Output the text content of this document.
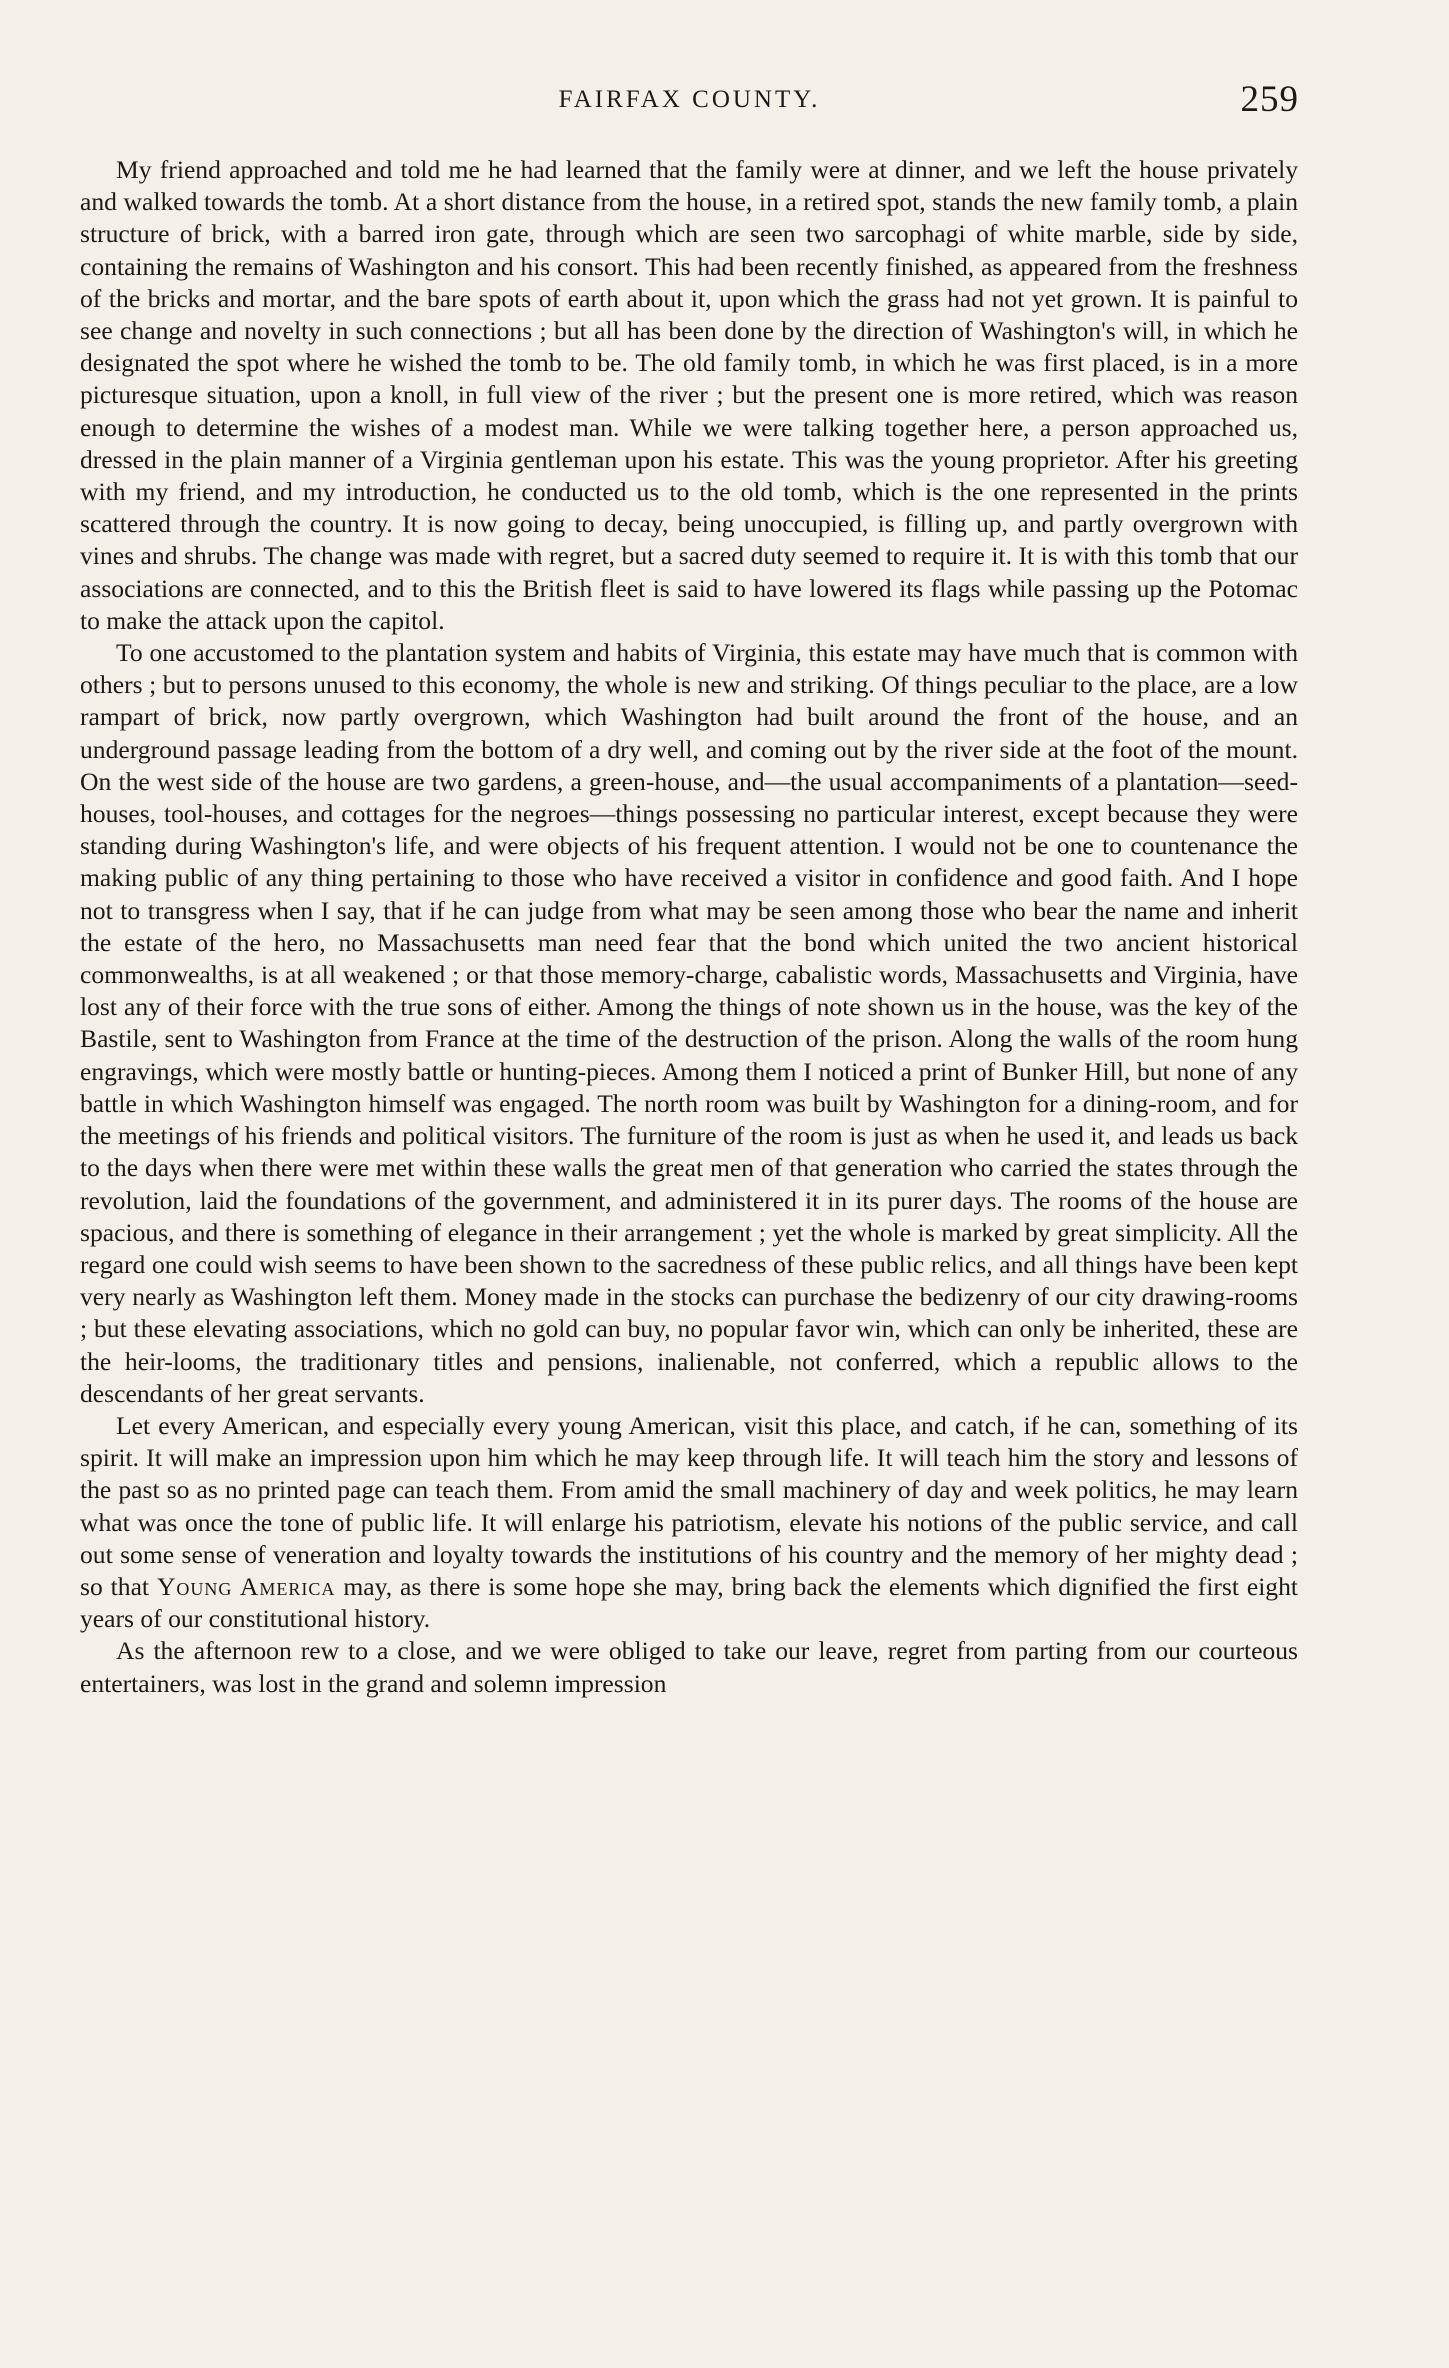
FAIRFAX COUNTY.	259

My friend approached and told me he had learned that the family were at dinner, and we left the house privately and walked towards the tomb. At a short distance from the house, in a retired spot, stands the new family tomb, a plain structure of brick, with a barred iron gate, through which are seen two sarcophagi of white marble, side by side, containing the remains of Washington and his consort. This had been recently finished, as appeared from the freshness of the bricks and mortar, and the bare spots of earth about it, upon which the grass had not yet grown. It is painful to see change and novelty in such connections ; but all has been done by the direction of Washington's will, in which he designated the spot where he wished the tomb to be. The old family tomb, in which he was first placed, is in a more picturesque situation, upon a knoll, in full view of the river ; but the present one is more retired, which was reason enough to determine the wishes of a modest man. While we were talking together here, a person approached us, dressed in the plain manner of a Virginia gentleman upon his estate. This was the young proprietor. After his greeting with my friend, and my introduction, he conducted us to the old tomb, which is the one represented in the prints scattered through the country. It is now going to decay, being unoccupied, is filling up, and partly overgrown with vines and shrubs. The change was made with regret, but a sacred duty seemed to require it. It is with this tomb that our associations are connected, and to this the British fleet is said to have lowered its flags while passing up the Potomac to make the attack upon the capitol.

To one accustomed to the plantation system and habits of Virginia, this estate may have much that is common with others ; but to persons unused to this economy, the whole is new and striking. Of things peculiar to the place, are a low rampart of brick, now partly overgrown, which Washington had built around the front of the house, and an underground passage leading from the bottom of a dry well, and coming out by the river side at the foot of the mount. On the west side of the house are two gardens, a green-house, and—the usual accompaniments of a plantation—seed-houses, tool-houses, and cottages for the negroes—things possessing no particular interest, except because they were standing during Washington's life, and were objects of his frequent attention. I would not be one to countenance the making public of any thing pertaining to those who have received a visitor in confidence and good faith. And I hope not to transgress when I say, that if he can judge from what may be seen among those who bear the name and inherit the estate of the hero, no Massachusetts man need fear that the bond which united the two ancient historical commonwealths, is at all weakened ; or that those memory-charge, cabalistic words, Massachusetts and Virginia, have lost any of their force with the true sons of either. Among the things of note shown us in the house, was the key of the Bastile, sent to Washington from France at the time of the destruction of the prison. Along the walls of the room hung engravings, which were mostly battle or hunting-pieces. Among them I noticed a print of Bunker Hill, but none of any battle in which Washington himself was engaged. The north room was built by Washington for a dining-room, and for the meetings of his friends and political visitors. The furniture of the room is just as when he used it, and leads us back to the days when there were met within these walls the great men of that generation who carried the states through the revolution, laid the foundations of the government, and administered it in its purer days. The rooms of the house are spacious, and there is something of elegance in their arrangement ; yet the whole is marked by great simplicity. All the regard one could wish seems to have been shown to the sacredness of these public relics, and all things have been kept very nearly as Washington left them. Money made in the stocks can purchase the bedizenry of our city drawing-rooms ; but these elevating associations, which no gold can buy, no popular favor win, which can only be inherited, these are the heir-looms, the traditionary titles and pensions, inalienable, not conferred, which a republic allows to the descendants of her great servants.

Let every American, and especially every young American, visit this place, and catch, if he can, something of its spirit. It will make an impression upon him which he may keep through life. It will teach him the story and lessons of the past so as no printed page can teach them. From amid the small machinery of day and week politics, he may learn what was once the tone of public life. It will enlarge his patriotism, elevate his notions of the public service, and call out some sense of veneration and loyalty towards the institutions of his country and the memory of her mighty dead ; so that Young America may, as there is some hope she may, bring back the elements which dignified the first eight years of our constitutional history.

As the afternoon rew to a close, and we were obliged to take our leave, regret from parting from our courteous entertainers, was lost in the grand and solemn impression
